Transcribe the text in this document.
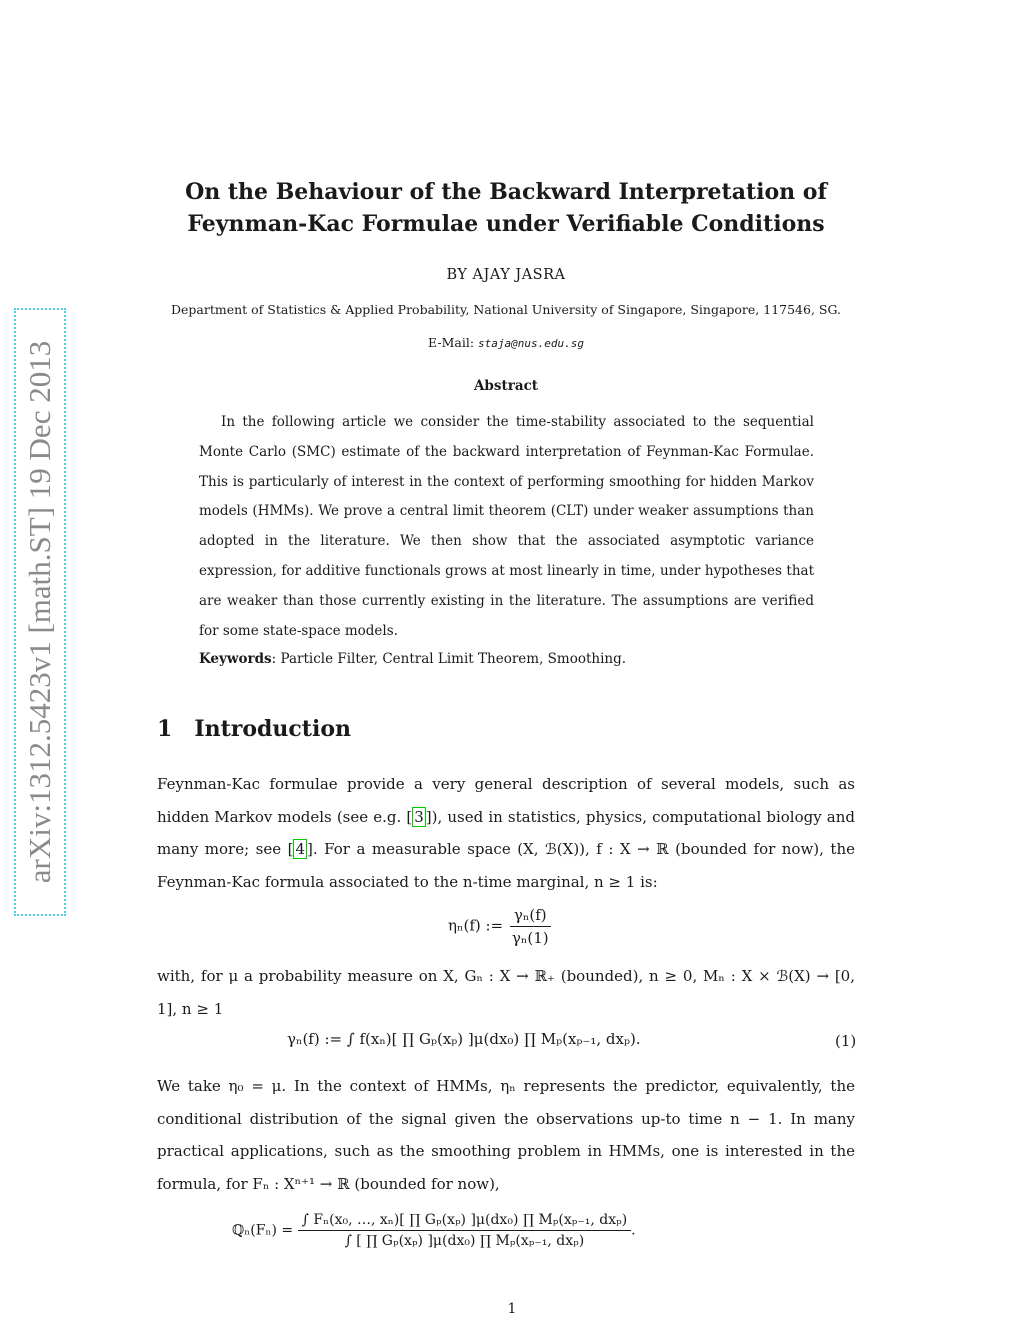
arXiv:1312.5423v1 [math.ST] 19 Dec 2013
On the Behaviour of the Backward Interpretation of
Feynman-Kac Formulae under Verifiable Conditions
BY AJAY JASRA
Department of Statistics & Applied Probability, National University of Singapore, Singapore, 117546, SG.
E-Mail: staja@nus.edu.sg
Abstract

In the following article we consider the time-stability associated to the sequential Monte Carlo (SMC) estimate of the backward interpretation of Feynman-Kac Formulae. This is particularly of interest in the context of performing smoothing for hidden Markov models (HMMs). We prove a central limit theorem (CLT) under weaker assumptions than adopted in the literature. We then show that the associated asymptotic variance expression, for additive functionals grows at most linearly in time, under hypotheses that are weaker than those currently existing in the literature. The assumptions are verified for some state-space models.

Keywords: Particle Filter, Central Limit Theorem, Smoothing.
1 Introduction

Feynman-Kac formulae provide a very general description of several models, such as hidden Markov models (see e.g. [ 3 ]), used in statistics, physics, computational biology and many more; see [ 4 ]. For a measurable space (X, ℬ(X)), f : X → ℝ (bounded for now), the Feynman-Kac formula associated to the n-time marginal, n ≥ 1 is:

ηₙ(f) := $\frac{\text{γₙ(f)}}{\text{γₙ(1)}}$

with, for μ a probability measure on X, Gₙ : X → ℝ₊ (bounded), n ≥ 0, Mₙ : X × ℬ(X) → [0, 1], n ≥ 1

γₙ(f) := ∫ f(xₙ)[ ∏ Gₚ(xₚ) ]μ(dx₀) ∏ Mₚ(xₚ₋₁, dxₚ).	(1)

We take η₀ = μ. In the context of HMMs, ηₙ represents the predictor, equivalently, the conditional distribution of the signal given the observations up-to time n − 1. In many practical applications, such as the smoothing problem in HMMs, one is interested in the formula, for Fₙ : Xⁿ⁺¹ → ℝ (bounded for now),

ℚₙ(Fₙ) = $\frac{\text{∫ Fₙ(x₀, …, xₙ)[ ∏ Gₚ(xₚ) ]μ(dx₀) ∏ Mₚ(xₚ₋₁, dxₚ)}}{\text{∫ [ ∏ Gₚ(xₚ) ]μ(dx₀) ∏ Mₚ(xₚ₋₁, dxₚ)}}$ .
1
